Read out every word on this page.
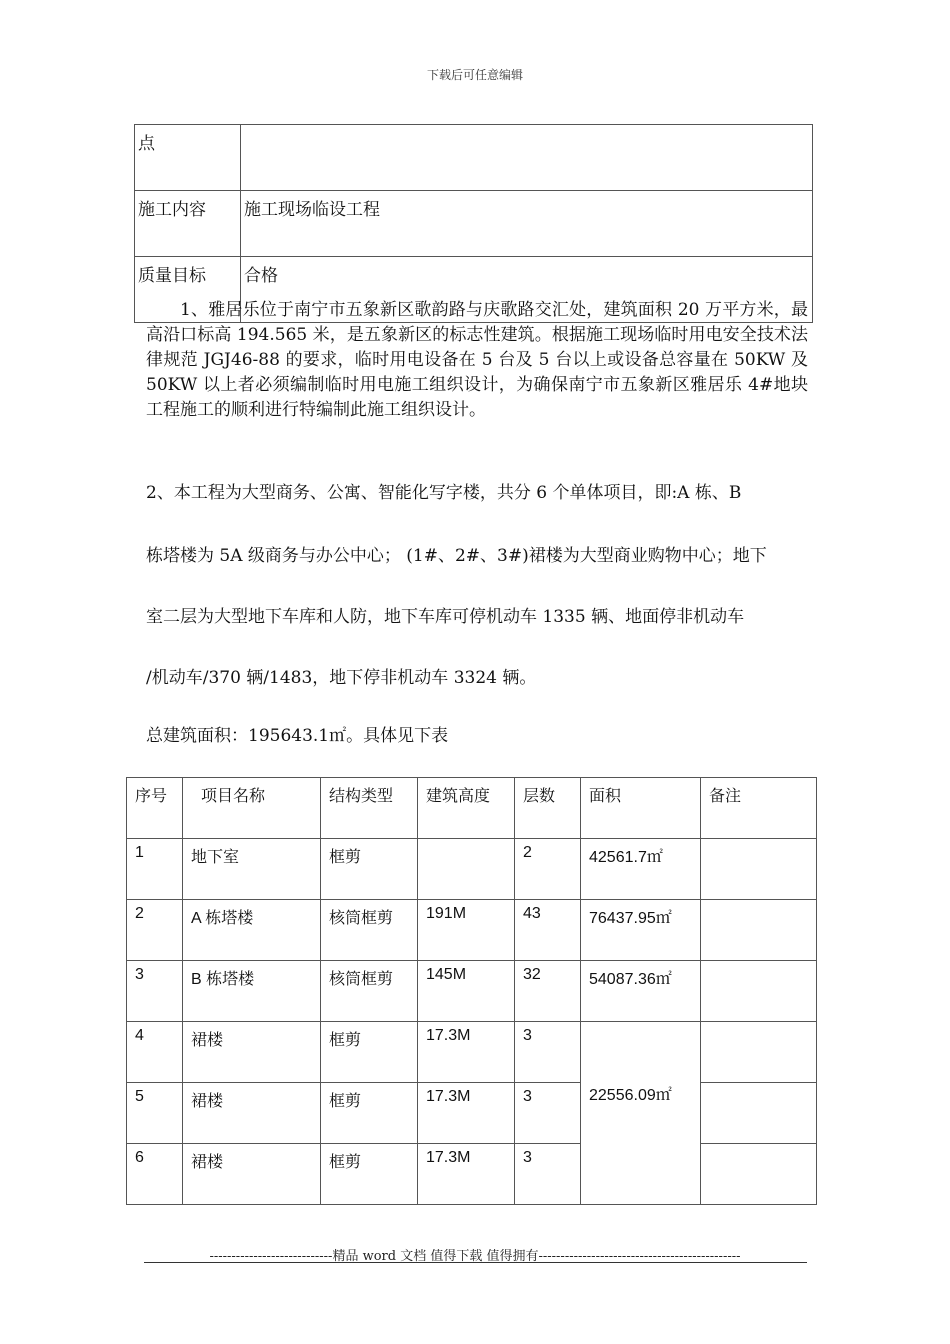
下载后可任意编辑
点	
施工内容	施工现场临设工程
质量目标	合格
1、雅居乐位于南宁市五象新区歌韵路与庆歌路交汇处，建筑面积 20 万平方米，最高沿口标高 194.565 米，是五象新区的标志性建筑。根据施工现场临时用电安全技术法律规范 JGJ46-88 的要求，临时用电设备在 5 台及 5 台以上或设备总容量在 50KW 及 50KW 以上者必须编制临时用电施工组织设计，为确保南宁市五象新区雅居乐 4#地块工程施工的顺利进行特编制此施工组织设计。
2、本工程为大型商务、公寓、智能化写字楼，共分 6 个单体项目，即:A 栋、B
栋塔楼为 5A 级商务与办公中心； (1#、2#、3#)裙楼为大型商业购物中心；地下
室二层为大型地下车库和人防，地下车库可停机动车 1335 辆、地面停非机动车
/机动车/370 辆/1483，地下停非机动车 3324 辆。
总建筑面积：195643.1㎡。具体见下表
序号	项目名称	结构类型	建筑高度	层数	面积	备注
1	地下室	框剪		2	42561.7㎡	
2	A 栋塔楼	核筒框剪	191M	43	76437.95㎡	
3	B 栋塔楼	核筒框剪	145M	32	54087.36㎡	
4	裙楼	框剪	17.3M	3	22556.09㎡	
5	裙楼	框剪	17.3M	3		
6	裙楼	框剪	17.3M	3		
----------------------------精品 word 文档 值得下载 值得拥有----------------------------------------------
